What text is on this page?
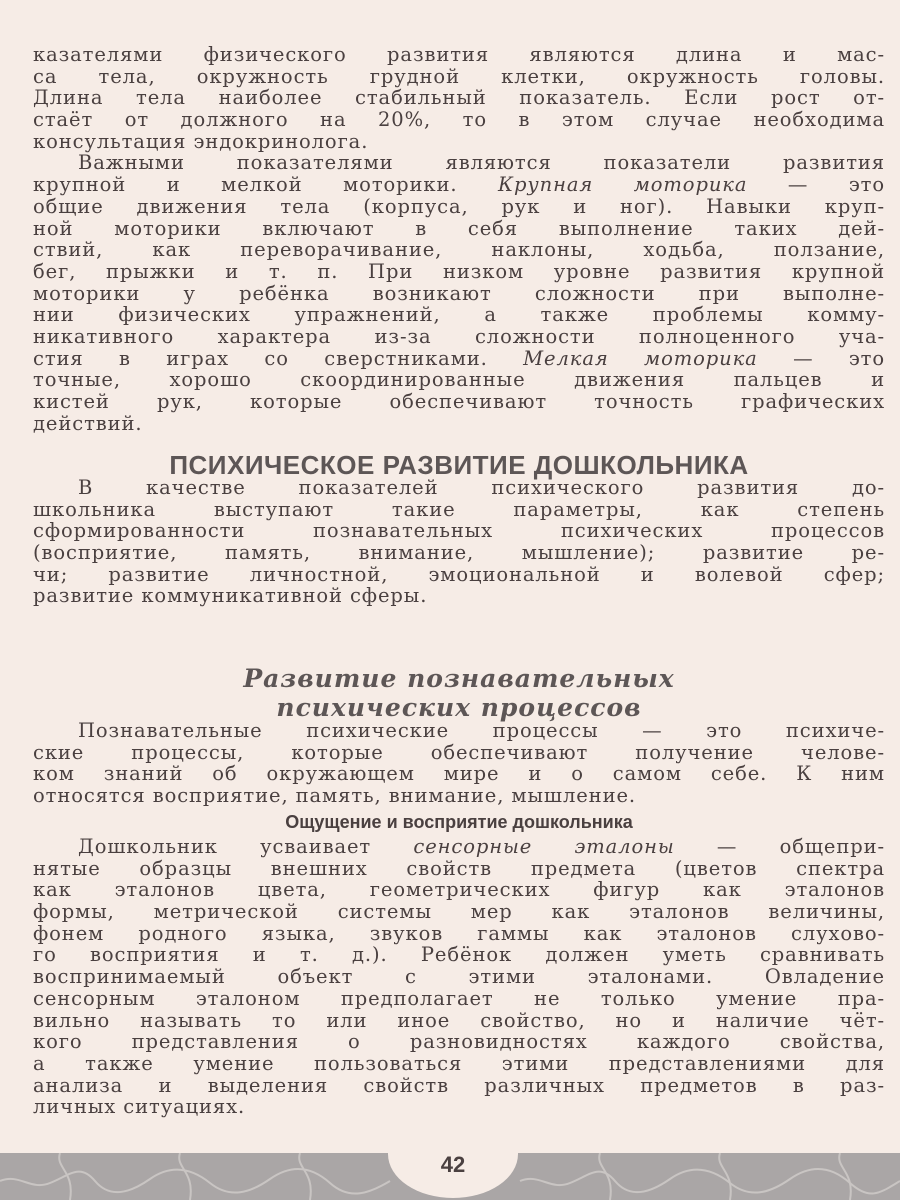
казателями физического развития являются длина и мас-
са тела, окружность грудной клетки, окружность головы.
Длина тела наиболее стабильный показатель. Если рост от-
стаёт от должного на 20%, то в этом случае необходима
консультация эндокринолога.
Важными показателями являются показатели развития
крупной и мелкой моторики. Крупная моторика — это
общие движения тела (корпуса, рук и ног). Навыки круп-
ной моторики включают в себя выполнение таких дей-
ствий, как переворачивание, наклоны, ходьба, ползание,
бег, прыжки и т. п. При низком уровне развития крупной
моторики у ребёнка возникают сложности при выполне-
нии физических упражнений, а также проблемы комму-
никативного характера из-за сложности полноценного уча-
стия в играх со сверстниками. Мелкая моторика — это
точные, хорошо скоординированные движения пальцев и
кистей рук, которые обеспечивают точность графических
действий.
ПСИХИЧЕСКОЕ РАЗВИТИЕ ДОШКОЛЬНИКА
В качестве показателей психического развития до-
школьника выступают такие параметры, как степень
сформированности познавательных психических процессов
(восприятие, память, внимание, мышление); развитие ре-
чи; развитие личностной, эмоциональной и волевой сфер;
развитие коммуникативной сферы.
Развитие познавательных
психических процессов
Познавательные психические процессы — это психиче-
ские процессы, которые обеспечивают получение челове-
ком знаний об окружающем мире и о самом себе. К ним
относятся восприятие, память, внимание, мышление.
Ощущение и восприятие дошкольника
Дошкольник усваивает сенсорные эталоны — общепри-
нятые образцы внешних свойств предмета (цветов спектра
как эталонов цвета, геометрических фигур как эталонов
формы, метрической системы мер как эталонов величины,
фонем родного языка, звуков гаммы как эталонов слухово-
го восприятия и т. д.). Ребёнок должен уметь сравнивать
воспринимаемый объект с этими эталонами. Овладение
сенсорным эталоном предполагает не только умение пра-
вильно называть то или иное свойство, но и наличие чёт-
кого представления о разновидностях каждого свойства,
а также умение пользоваться этими представлениями для
анализа и выделения свойств различных предметов в раз-
личных ситуациях.
42
